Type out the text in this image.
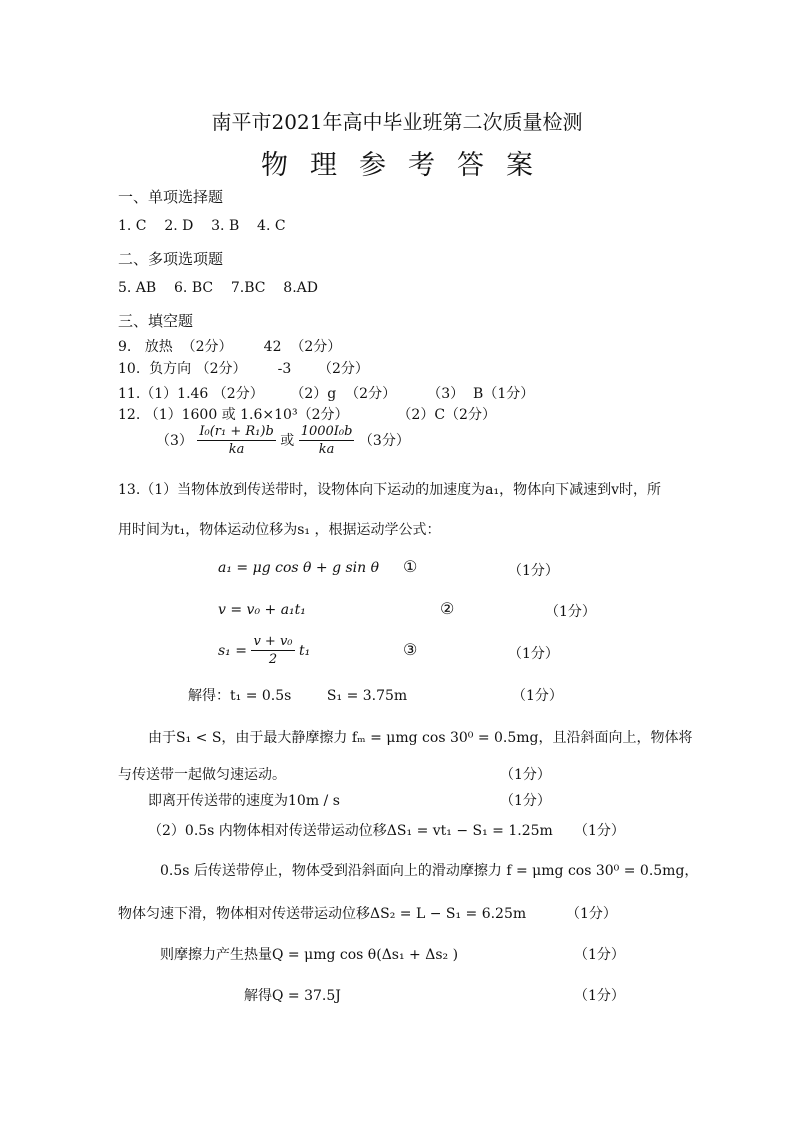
南平市2021年高中毕业班第二次质量检测
物理参考答案
一、单项选择题
1. C    2. D    3. B    4. C
二、多项选项题
5. AB    6. BC    7.BC    8.AD
三、填空题
9.   放热  （2分）       42  （2分）
10.  负方向 （2分）       -3      （2分）
11.（1）1.46 （2分）      （2）g  （2分）       （3）  B（1分）
12. （1）1600 或 1.6×10³（2分）           （2）C（2分）
$(3) \frac{\text{I₀(r₁ + R₁)b}}{ka}$ 或 $\frac{\text{1000I₀b}}{ka} (3$分）
13.（1）当物体放到传送带时，设物体向下运动的加速度为a₁，物体向下减速到v时，所
用时间为t₁，物体运动位移为s₁ ，根据运动学公式：
a₁ = μg cos θ + g sin θ ①	（1分）
v = v₀ + a₁t₁	②	（1分）
$s_1 = \frac{\text{v + v₀}}{2} t_1$	③	（1分）
解得：t₁ = 0.5s        S₁ = 3.75m	（1分）
由于S₁ < S，由于最大静摩擦力 fₘ = μmg cos 30⁰ = 0.5mg，且沿斜面向上，物体将
与传送带一起做匀速运动。	（1分）
即离开传送带的速度为10m / s	（1分）
（2）0.5s 内物体相对传送带运动位移ΔS₁ = vt₁ − S₁ = 1.25m （1分）
0.5s 后传送带停止，物体受到沿斜面向上的滑动摩擦力 f = μmg cos 30⁰ = 0.5mg，
物体匀速下滑，物体相对传送带运动位移ΔS₂ = L − S₁ = 6.25m	（1分）
则摩擦力产生热量Q = μmg cos θ(Δs₁ + Δs₂ )	（1分）
解得Q = 37.5J	（1分）
